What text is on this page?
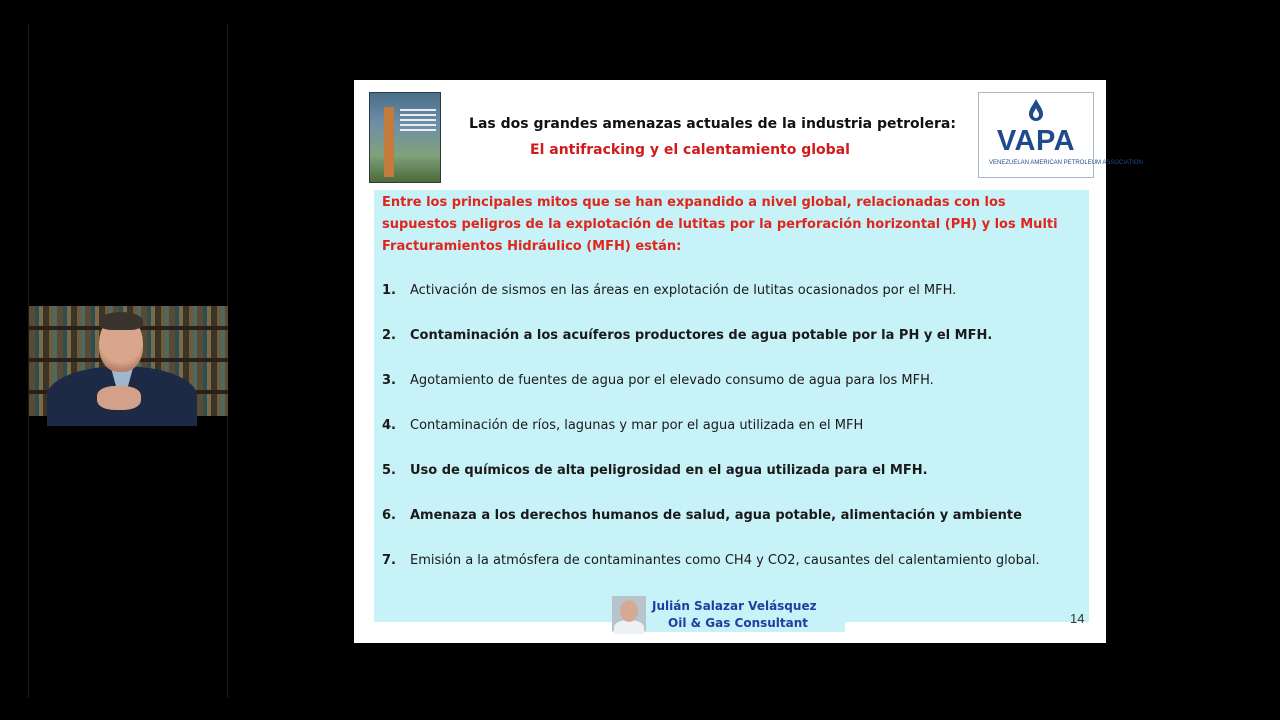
Las dos grandes amenazas actuales de la industria petrolera:
El antifracking y el calentamiento global	VAPA
VENEZUELAN AMERICAN PETROLEUM ASSOCIATION
Entre los principales mitos que se han expandido a nivel global, relacionadas con los supuestos peligros de la explotación de lutitas por la perforación horizontal (PH) y los Multi Fracturamientos Hidráulico (MFH) están:
1.	Activación de sismos en las áreas en explotación de lutitas ocasionados por el MFH.
2.	Contaminación a los acuíferos productores de agua potable por la PH y el MFH.
3.	Agotamiento de fuentes de agua por el elevado consumo de agua para los MFH.
4.	Contaminación de ríos, lagunas y mar por el agua utilizada en el MFH
5.	Uso de químicos de alta peligrosidad en el agua utilizada para el MFH.
6.	Amenaza a los derechos humanos de salud, agua potable, alimentación y ambiente
7.	Emisión a la atmósfera de contaminantes como CH4 y CO2, causantes del calentamiento global.
Julián Salazar Velásquez
Oil & Gas Consultant	14
